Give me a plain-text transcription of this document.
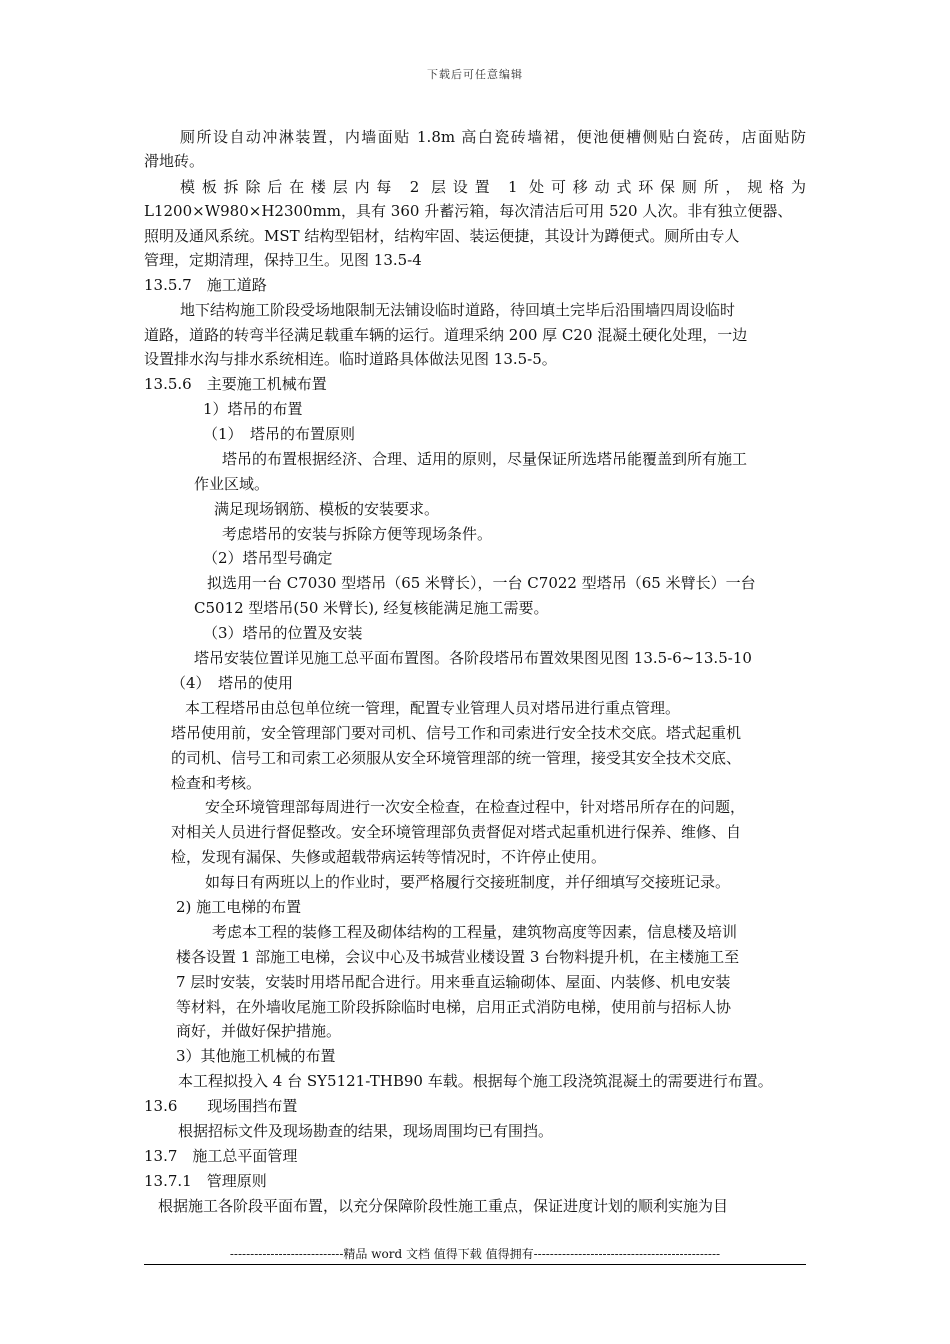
下载后可任意编辑
厕所设自动冲淋装置，内墙面贴 1.8m 高白瓷砖墙裙，便池便槽侧贴白瓷砖，店面贴防
滑地砖。
模板拆除后在楼层内每 2 层设置 1 处可移动式环保厕所，规格为
L1200×W980×H2300mm，具有 360 升蓄污箱，每次清洁后可用 520 人次。非有独立便器、
照明及通风系统。MST 结构型铝材，结构牢固、装运便捷，其设计为蹲便式。厕所由专人
管理，定期清理，保持卫生。见图 13.5-4
13.5.7　施工道路
地下结构施工阶段受场地限制无法铺设临时道路，待回填土完毕后沿围墙四周设临时
道路，道路的转弯半径满足载重车辆的运行。道理采纳 200 厚 C20 混凝土硬化处理，一边
设置排水沟与排水系统相连。临时道路具体做法见图 13.5-5。
13.5.6　主要施工机械布置
1）塔吊的布置
（1）　塔吊的布置原则
塔吊的布置根据经济、合理、适用的原则，尽量保证所选塔吊能覆盖到所有施工
作业区域。
满足现场钢筋、模板的安装要求。
考虑塔吊的安装与拆除方便等现场条件。
（2）塔吊型号确定
拟选用一台 C7030 型塔吊（65 米臂长），一台 C7022 型塔吊（65 米臂长）一台
C5012 型塔吊(50 米臂长), 经复核能满足施工需要。
（3）塔吊的位置及安装
塔吊安装位置详见施工总平面布置图。各阶段塔吊布置效果图见图 13.5-6~13.5-10
（4）　塔吊的使用
本工程塔吊由总包单位统一管理，配置专业管理人员对塔吊进行重点管理。
塔吊使用前，安全管理部门要对司机、信号工作和司索进行安全技术交底。塔式起重机
的司机、信号工和司索工必须服从安全环境管理部的统一管理，接受其安全技术交底、
检查和考核。
安全环境管理部每周进行一次安全检查，在检查过程中，针对塔吊所存在的问题，
对相关人员进行督促整改。安全环境管理部负责督促对塔式起重机进行保养、维修、自
检，发现有漏保、失修或超载带病运转等情况时，不许停止使用。
如每日有两班以上的作业时，要严格履行交接班制度，并仔细填写交接班记录。
2) 施工电梯的布置
考虑本工程的装修工程及砌体结构的工程量，建筑物高度等因素，信息楼及培训
楼各设置 1 部施工电梯，会议中心及书城营业楼设置 3 台物料提升机，在主楼施工至
7 层时安装，安装时用塔吊配合进行。用来垂直运输砌体、屋面、内装修、机电安装
等材料，在外墙收尾施工阶段拆除临时电梯，启用正式消防电梯，使用前与招标人协
商好，并做好保护措施。
3）其他施工机械的布置
本工程拟投入 4 台 SY5121-THB90 车载。根据每个施工段浇筑混凝土的需要进行布置。
13.6　　现场围挡布置
根据招标文件及现场勘查的结果，现场周围均已有围挡。
13.7　施工总平面管理
13.7.1　管理原则
根据施工各阶段平面布置，以充分保障阶段性施工重点，保证进度计划的顺利实施为目
----------------------------精品 word 文档 值得下载 值得拥有----------------------------------------------
